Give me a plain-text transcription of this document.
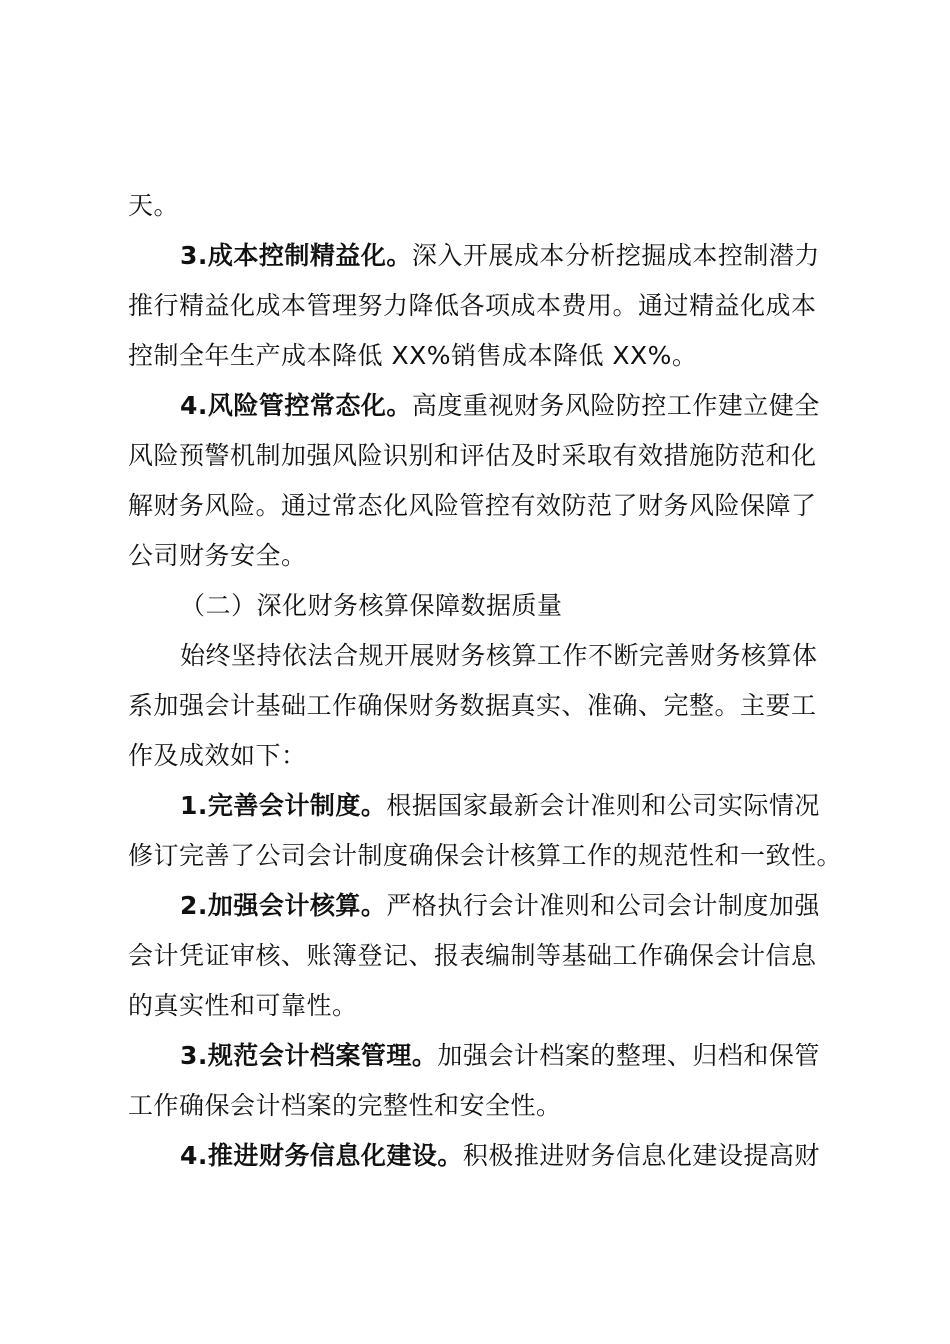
天。
3.成本控制精益化。深入开展成本分析挖掘成本控制潜力
推行精益化成本管理努力降低各项成本费用。通过精益化成本
控制全年生产成本降低 XX%销售成本降低 XX%。
4.风险管控常态化。高度重视财务风险防控工作建立健全
风险预警机制加强风险识别和评估及时采取有效措施防范和化
解财务风险。通过常态化风险管控有效防范了财务风险保障了
公司财务安全。
（二）深化财务核算保障数据质量
始终坚持依法合规开展财务核算工作不断完善财务核算体
系加强会计基础工作确保财务数据真实、准确、完整。主要工
作及成效如下：
1.完善会计制度。根据国家最新会计准则和公司实际情况
修订完善了公司会计制度确保会计核算工作的规范性和一致性。
2.加强会计核算。严格执行会计准则和公司会计制度加强
会计凭证审核、账簿登记、报表编制等基础工作确保会计信息
的真实性和可靠性。
3.规范会计档案管理。加强会计档案的整理、归档和保管
工作确保会计档案的完整性和安全性。
4.推进财务信息化建设。积极推进财务信息化建设提高财
